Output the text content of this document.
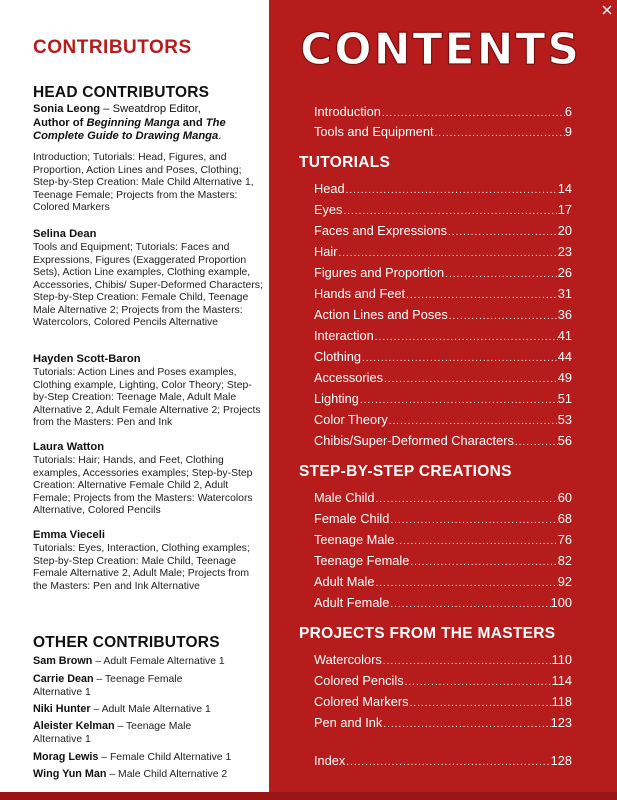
CONTRIBUTORS
HEAD CONTRIBUTORS
Sonia Leong – Sweatdrop Editor,
Author of Beginning Manga and The
Complete Guide to Drawing Manga.
Introduction; Tutorials: Head, Figures, and Proportion, Action Lines and Poses, Clothing; Step-by-Step Creation: Male Child Alternative 1, Teenage Female; Projects from the Masters: Colored Markers
Selina Dean
Tools and Equipment; Tutorials: Faces and Expressions, Figures (Exaggerated Proportion Sets), Action Line examples, Clothing example, Accessories, Chibis/ Super-Deformed Characters; Step-by-Step Creation: Female Child, Teenage Male Alternative 2; Projects from the Masters: Watercolors, Colored Pencils Alternative
Hayden Scott-Baron
Tutorials: Action Lines and Poses examples, Clothing example, Lighting, Color Theory; Step-by-Step Creation: Teenage Male, Adult Male Alternative 2, Adult Female Alternative 2; Projects from the Masters: Pen and Ink
Laura Watton
Tutorials: Hair; Hands, and Feet, Clothing examples, Accessories examples; Step-by-Step Creation: Alternative Female Child 2, Adult Female; Projects from the Masters: Watercolors Alternative, Colored Pencils
Emma Vieceli
Tutorials: Eyes, Interaction, Clothing examples; Step-by-Step Creation: Male Child, Teenage Female Alternative 2, Adult Male; Projects from the Masters: Pen and Ink Alternative
OTHER CONTRIBUTORS
Sam Brown – Adult Female Alternative 1
Carrie Dean – Teenage Female
Alternative 1
Niki Hunter – Adult Male Alternative 1
Aleister Kelman – Teenage Male
Alternative 1
Morag Lewis – Female Child Alternative 1
Wing Yun Man – Male Child Alternative 2
CONTENTS
Introduction .....	6
Tools and Equipment .....	9
TUTORIALS
Head .....	14
Eyes .....	17
Faces and Expressions .....	20
Hair .....	23
Figures and Proportion .....	26
Hands and Feet .....	31
Action Lines and Poses .....	36
Interaction .....	41
Clothing .....	44
Accessories .....	49
Lighting .....	51
Color Theory .....	53
Chibis/Super-Deformed Characters .....	56
STEP-BY-STEP CREATIONS
Male Child .....	60
Female Child .....	68
Teenage Male .....	76
Teenage Female .....	82
Adult Male .....	92
Adult Female .....	100
PROJECTS FROM THE MASTERS
Watercolors .....	110
Colored Pencils .....	114
Colored Markers .....	118
Pen and Ink .....	123
Index .....	128
